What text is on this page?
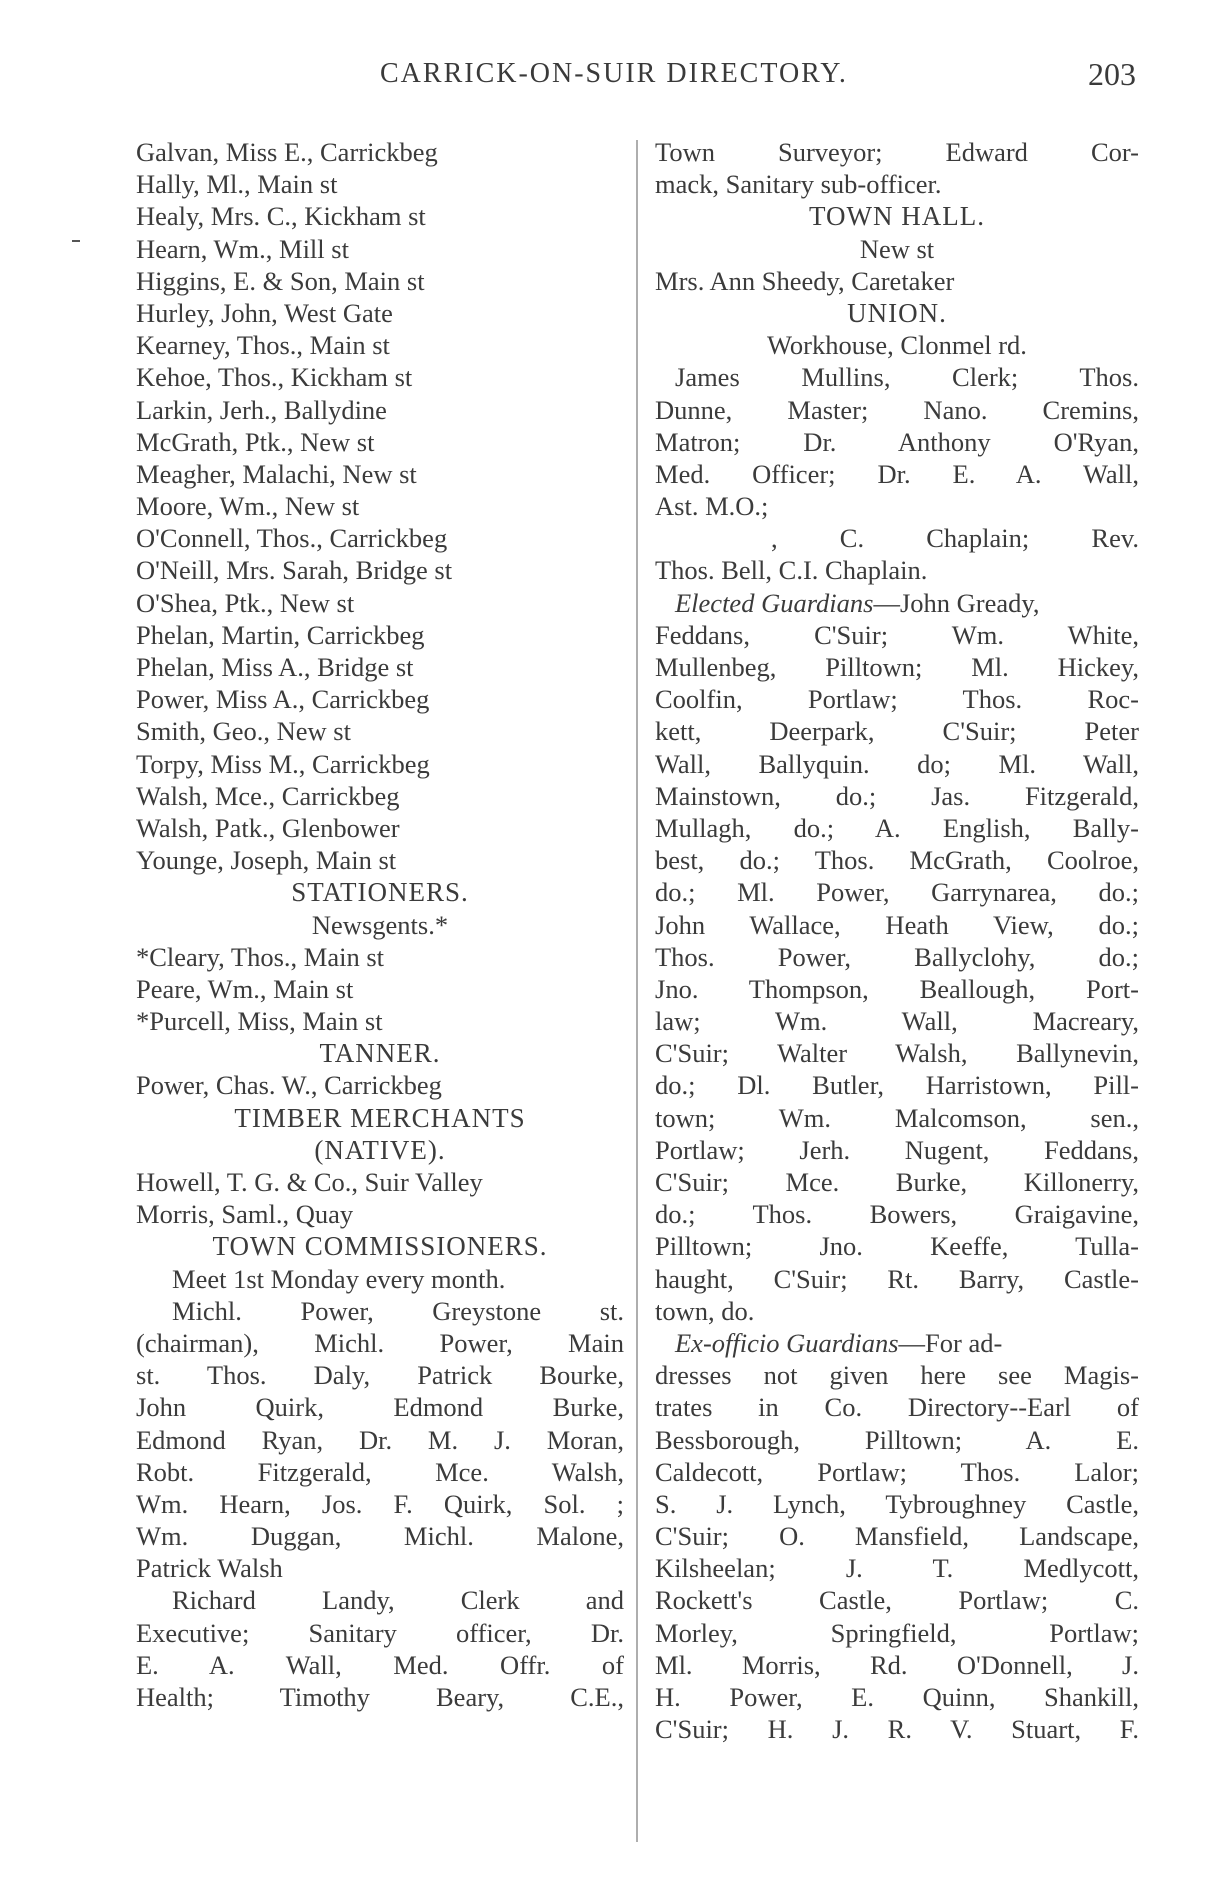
CARRICK-ON-SUIR DIRECTORY.	203
Galvan, Miss E., Carrickbeg
Hally, Ml., Main st
Healy, Mrs. C., Kickham st
Hearn, Wm., Mill st
Higgins, E. & Son, Main st
Hurley, John, West Gate
Kearney, Thos., Main st
Kehoe, Thos., Kickham st
Larkin, Jerh., Ballydine
McGrath, Ptk., New st
Meagher, Malachi, New st
Moore, Wm., New st
O'Connell, Thos., Carrickbeg
O'Neill, Mrs. Sarah, Bridge st
O'Shea, Ptk., New st
Phelan, Martin, Carrickbeg
Phelan, Miss A., Bridge st
Power, Miss A., Carrickbeg
Smith, Geo., New st
Torpy, Miss M., Carrickbeg
Walsh, Mce., Carrickbeg
Walsh, Patk., Glenbower
Younge, Joseph, Main st
STATIONERS.
Newsgents.*
*Cleary, Thos., Main st
Peare, Wm., Main st
*Purcell, Miss, Main st
TANNER.
Power, Chas. W., Carrickbeg
TIMBER MERCHANTS
(NATIVE).
Howell, T. G. & Co., Suir Valley
Morris, Saml., Quay
TOWN COMMISSIONERS.
Meet 1st Monday every month.
Michl. Power, Greystone st.
(chairman), Michl. Power, Main
st. Thos. Daly, Patrick Bourke,
John Quirk, Edmond Burke,
Edmond Ryan, Dr. M. J. Moran,
Robt. Fitzgerald, Mce. Walsh,
Wm. Hearn, Jos. F. Quirk, Sol. ;
Wm. Duggan, Michl. Malone,
Patrick Walsh
Richard Landy, Clerk and
Executive; Sanitary officer, Dr.
E. A. Wall, Med. Offr. of
Health; Timothy Beary, C.E.,
Town Surveyor; Edward Cor-
mack, Sanitary sub-officer.
TOWN HALL.
New st
Mrs. Ann Sheedy, Caretaker
UNION.
Workhouse, Clonmel rd.
James Mullins, Clerk; Thos.
Dunne, Master; Nano. Cremins,
Matron; Dr. Anthony O'Ryan,
Med. Officer; Dr. E. A. Wall,
Ast. M.O.;
, C. Chaplain; Rev.
Thos. Bell, C.I. Chaplain.
Elected Guardians—John Gready,
Feddans, C'Suir; Wm. White,
Mullenbeg, Pilltown; Ml. Hickey,
Coolfin, Portlaw; Thos. Roc-
kett, Deerpark, C'Suir; Peter
Wall, Ballyquin. do; Ml. Wall,
Mainstown, do.; Jas. Fitzgerald,
Mullagh, do.; A. English, Bally-
best, do.; Thos. McGrath, Coolroe,
do.; Ml. Power, Garrynarea, do.;
John Wallace, Heath View, do.;
Thos. Power, Ballyclohy, do.;
Jno. Thompson, Beallough, Port-
law; Wm. Wall, Macreary,
C'Suir; Walter Walsh, Ballynevin,
do.; Dl. Butler, Harristown, Pill-
town; Wm. Malcomson, sen.,
Portlaw; Jerh. Nugent, Feddans,
C'Suir; Mce. Burke, Killonerry,
do.; Thos. Bowers, Graigavine,
Pilltown; Jno. Keeffe, Tulla-
haught, C'Suir; Rt. Barry, Castle-
town, do.
Ex-officio Guardians—For ad-
dresses not given here see Magis-
trates in Co. Directory--Earl of
Bessborough, Pilltown; A. E.
Caldecott, Portlaw; Thos. Lalor;
S. J. Lynch, Tybroughney Castle,
C'Suir; O. Mansfield, Landscape,
Kilsheelan; J. T. Medlycott,
Rockett's Castle, Portlaw; C.
Morley, Springfield, Portlaw;
Ml. Morris, Rd. O'Donnell, J.
H. Power, E. Quinn, Shankill,
C'Suir; H. J. R. V. Stuart, F.
